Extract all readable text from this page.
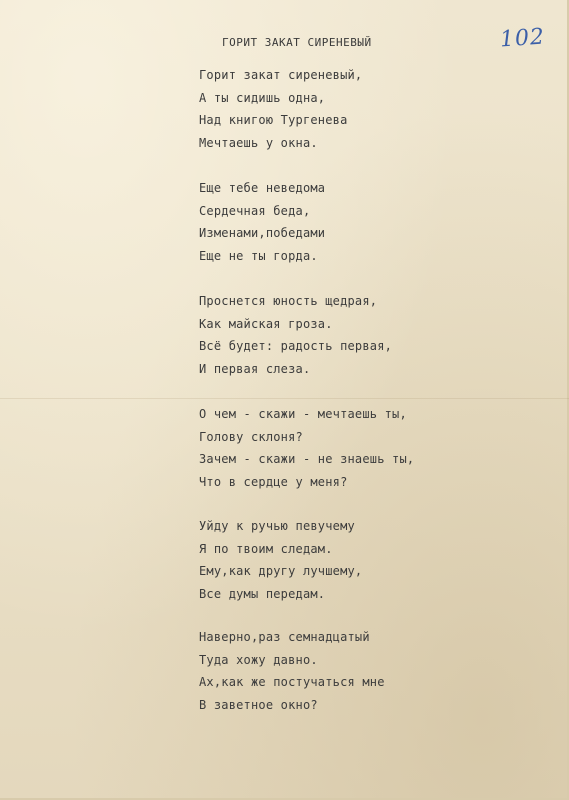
102
ГОРИТ ЗАКАТ СИРЕНЕВЫЙ
Горит закат сиреневый,
А ты сидишь одна,
Над книгою Тургенева
Мечтаешь у окна.
Еще тебе неведома
Сердечная беда,
Изменами,победами
Еще не ты горда.
Проснется юность щедрая,
Как майская гроза.
Всё будет: радость первая,
И первая слеза.
О чем - скажи - мечтаешь ты,
Голову склоня?
Зачем - скажи - не знаешь ты,
Что в сердце у меня?
Уйду к ручью певучему
Я по твоим следам.
Ему,как другу лучшему,
Все думы передам.
Наверно,раз семнадцатый
Туда хожу давно.
Ах,как же постучаться мне
В заветное окно?
